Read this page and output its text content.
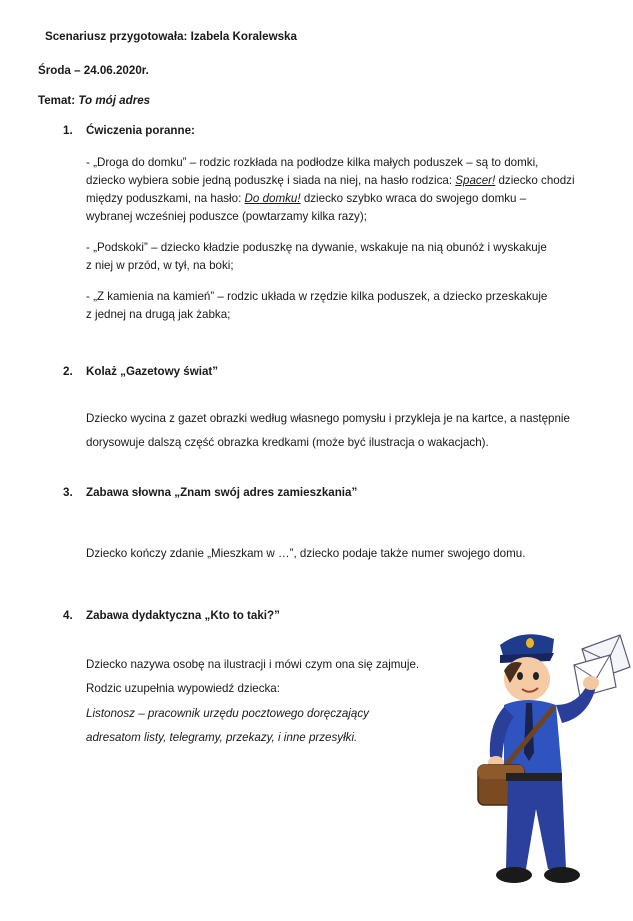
Scenariusz przygotowała: Izabela Koralewska
Środa – 24.06.2020r.
Temat: To mój adres
1. Ćwiczenia poranne:
- „Droga do domku” – rodzic rozkłada na podłodze kilka małych poduszek – są to domki,
dziecko wybiera sobie jedną poduszkę i siada na niej, na hasło rodzica: Spacer! dziecko chodzi
między poduszkami, na hasło: Do domku! dziecko szybko wraca do swojego domku –
wybranej wcześniej poduszce (powtarzamy kilka razy);
- „Podskoki” – dziecko kładzie poduszkę na dywanie, wskakuje na nią obunóż i wyskakuje
z niej w przód, w tył, na boki;
- „Z kamienia na kamień” – rodzic układa w rzędzie kilka poduszek, a dziecko przeskakuje
z jednej na drugą jak żabka;
2. Kolaż „Gazetowy świat”
Dziecko wycina z gazet obrazki według własnego pomysłu i przykleja je na kartce, a następnie
dorysowuje dalszą część obrazka kredkami (może być ilustracja o wakacjach).
3. Zabawa słowna „Znam swój adres zamieszkania”
Dziecko kończy zdanie „Mieszkam w …”, dziecko podaje także numer swojego domu.
4. Zabawa dydaktyczna „Kto to taki?”
Dziecko nazywa osobę na ilustracji i mówi czym ona się zajmuje.
Rodzic uzupełnia wypowiedź dziecka:
Listonosz – pracownik urzędu pocztowego doręczający
adresatom listy, telegramy, przekazy, i inne przesyłki.
